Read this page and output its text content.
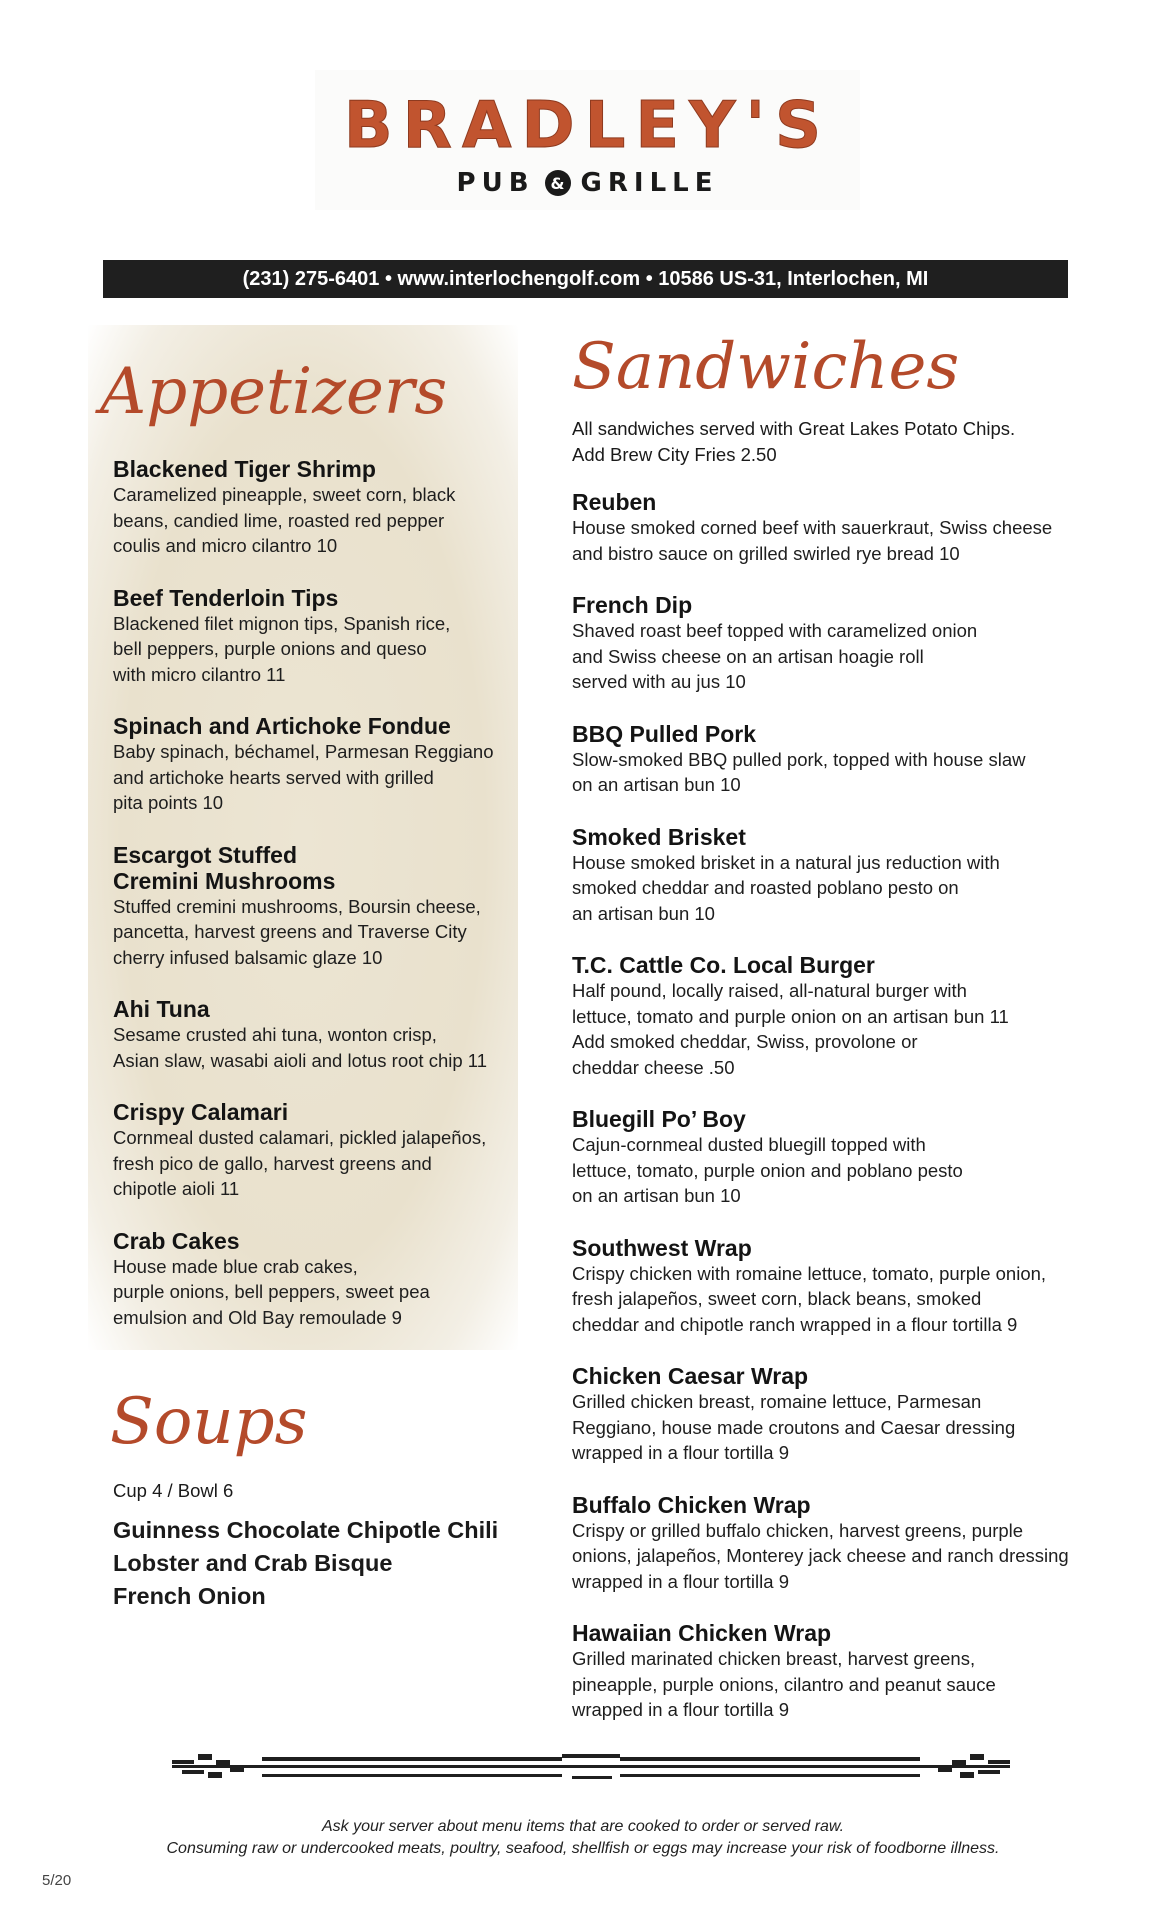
BRADLEY'S
PUB	& GRILLE
(231) 275-6401 • www.interlochengolf.com • 10586 US-31, Interlochen, MI
Appetizers
Blackened Tiger Shrimp
Caramelized pineapple, sweet corn, black
beans, candied lime, roasted red pepper
coulis and micro cilantro 10
Beef Tenderloin Tips
Blackened filet mignon tips, Spanish rice,
bell peppers, purple onions and queso
with micro cilantro 11
Spinach and Artichoke Fondue
Baby spinach, béchamel, Parmesan Reggiano
and artichoke hearts served with grilled
pita points 10
Escargot Stuffed
Cremini Mushrooms
Stuffed cremini mushrooms, Boursin cheese,
pancetta, harvest greens and Traverse City
cherry infused balsamic glaze 10
Ahi Tuna
Sesame crusted ahi tuna, wonton crisp,
Asian slaw, wasabi aioli and lotus root chip 11
Crispy Calamari
Cornmeal dusted calamari, pickled jalapeños,
fresh pico de gallo, harvest greens and
chipotle aioli 11
Crab Cakes
House made blue crab cakes,
purple onions, bell peppers, sweet pea
emulsion and Old Bay remoulade 9
Soups
Cup 4 / Bowl 6
Guinness Chocolate Chipotle Chili
Lobster and Crab Bisque
French Onion
Sandwiches
All sandwiches served with Great Lakes Potato Chips.
Add Brew City Fries 2.50
Reuben
House smoked corned beef with sauerkraut, Swiss cheese
and bistro sauce on grilled swirled rye bread 10
French Dip
Shaved roast beef topped with caramelized onion
and Swiss cheese on an artisan hoagie roll
served with au jus 10
BBQ Pulled Pork
Slow-smoked BBQ pulled pork, topped with house slaw
on an artisan bun 10
Smoked Brisket
House smoked brisket in a natural jus reduction with
smoked cheddar and roasted poblano pesto on
an artisan bun 10
T.C. Cattle Co. Local Burger
Half pound, locally raised, all-natural burger with
lettuce, tomato and purple onion on an artisan bun 11
Add smoked cheddar, Swiss, provolone or
cheddar cheese .50
Bluegill Po’ Boy
Cajun-cornmeal dusted bluegill topped with
lettuce, tomato, purple onion and poblano pesto
on an artisan bun 10
Southwest Wrap
Crispy chicken with romaine lettuce, tomato, purple onion,
fresh jalapeños, sweet corn, black beans, smoked
cheddar and chipotle ranch wrapped in a flour tortilla 9
Chicken Caesar Wrap
Grilled chicken breast, romaine lettuce, Parmesan
Reggiano, house made croutons and Caesar dressing
wrapped in a flour tortilla 9
Buffalo Chicken Wrap
Crispy or grilled buffalo chicken, harvest greens, purple
onions, jalapeños, Monterey jack cheese and ranch dressing
wrapped in a flour tortilla 9
Hawaiian Chicken Wrap
Grilled marinated chicken breast, harvest greens,
pineapple, purple onions, cilantro and peanut sauce
wrapped in a flour tortilla 9
Ask your server about menu items that are cooked to order or served raw.
Consuming raw or undercooked meats, poultry, seafood, shellfish or eggs may increase your risk of foodborne illness.
5/20
